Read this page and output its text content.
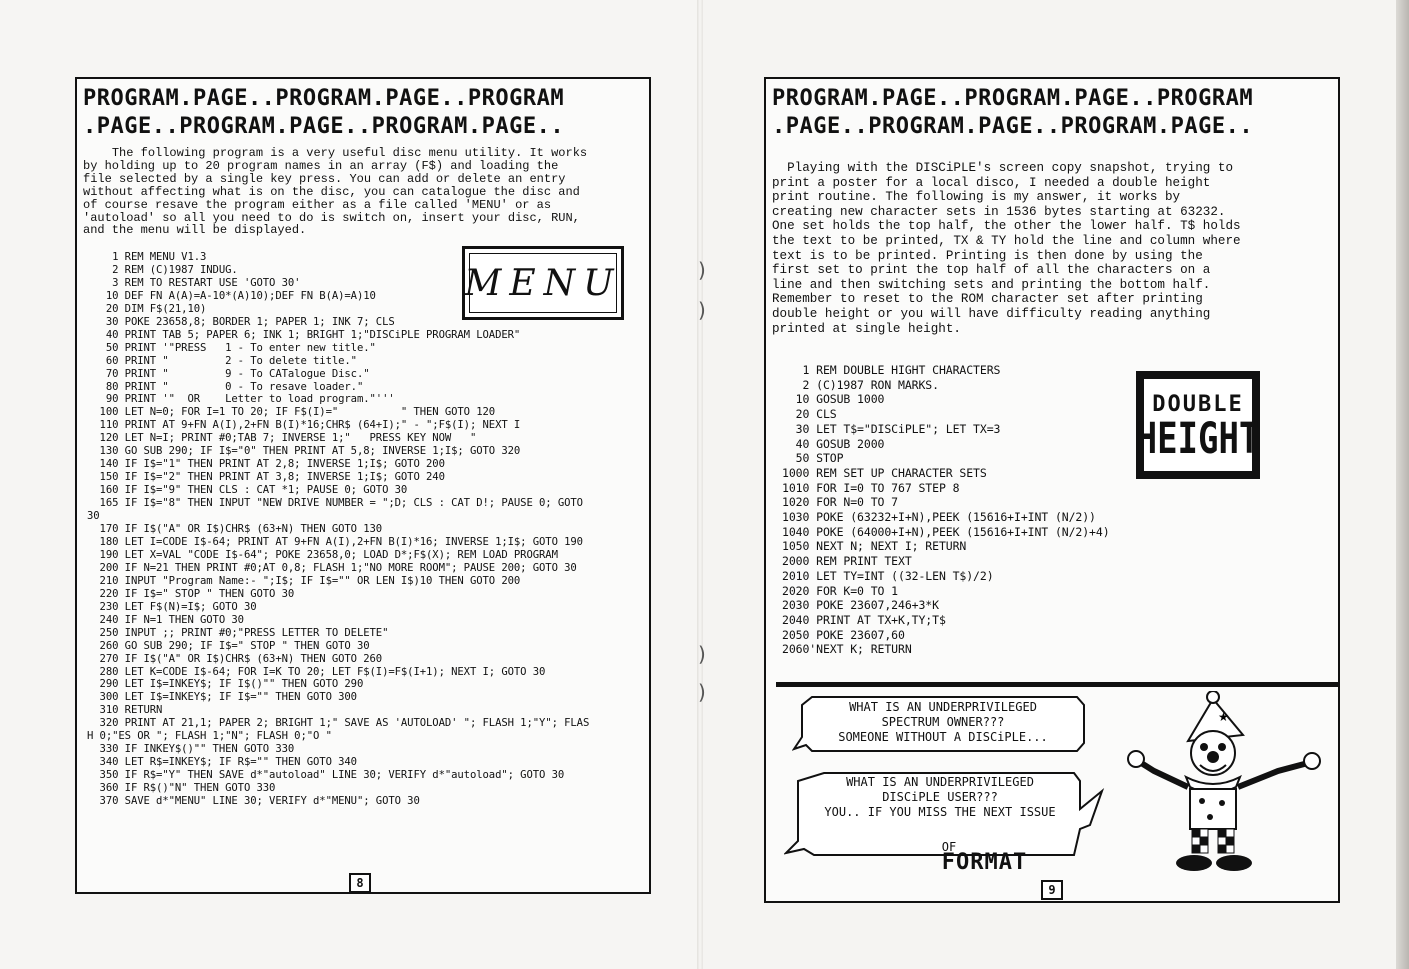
)
)
)
)
PROGRAM.PAGE..PROGRAM.PAGE..PROGRAM
.PAGE..PROGRAM.PAGE..PROGRAM.PAGE..
The following program is a very useful disc menu utility. It works
by holding up to 20 program names in an array (F$) and loading the
file selected by a single key press. You can add or delete an entry
without affecting what is on the disc, you can catalogue the disc and
of course resave the program either as a file called 'MENU' or as
'autoload' so all you need to do is switch on, insert your disc, RUN,
and the menu will be displayed.
MENU
1 REM MENU V1.3
2 REM (C)1987 INDUG.
3 REM TO RESTART USE 'GOTO 30'
10 DEF FN A(A)=A-10*(A)10);DEF FN B(A)=A)10
20 DIM F$(21,10)
30 POKE 23658,8; BORDER 1; PAPER 1; INK 7; CLS
40 PRINT TAB 5; PAPER 6; INK 1; BRIGHT 1;"DISCiPLE PROGRAM LOADER"
50 PRINT '"PRESS   1 - To enter new title."
60 PRINT "         2 - To delete title."
70 PRINT "         9 - To CATalogue Disc."
80 PRINT "         0 - To resave loader."
90 PRINT '"  OR    Letter to load program."'''
100 LET N=0; FOR I=1 TO 20; IF F$(I)="          " THEN GOTO 120
110 PRINT AT 9+FN A(I),2+FN B(I)*16;CHR$ (64+I);" - ";F$(I); NEXT I
120 LET N=I; PRINT #0;TAB 7; INVERSE 1;"   PRESS KEY NOW   "
130 GO SUB 290; IF I$="0" THEN PRINT AT 5,8; INVERSE 1;I$; GOTO 320
140 IF I$="1" THEN PRINT AT 2,8; INVERSE 1;I$; GOTO 200
150 IF I$="2" THEN PRINT AT 3,8; INVERSE 1;I$; GOTO 240
160 IF I$="9" THEN CLS : CAT *1; PAUSE 0; GOTO 30
165 IF I$="8" THEN INPUT "NEW DRIVE NUMBER = ";D; CLS : CAT D!; PAUSE 0; GOTO
30
170 IF I$("A" OR I$)CHR$ (63+N) THEN GOTO 130
180 LET I=CODE I$-64; PRINT AT 9+FN A(I),2+FN B(I)*16; INVERSE 1;I$; GOTO 190
190 LET X=VAL "CODE I$-64"; POKE 23658,0; LOAD D*;F$(X); REM LOAD PROGRAM
200 IF N=21 THEN PRINT #0;AT 0,8; FLASH 1;"NO MORE ROOM"; PAUSE 200; GOTO 30
210 INPUT "Program Name:- ";I$; IF I$="" OR LEN I$)10 THEN GOTO 200
220 IF I$=" STOP " THEN GOTO 30
230 LET F$(N)=I$; GOTO 30
240 IF N=1 THEN GOTO 30
250 INPUT ;; PRINT #0;"PRESS LETTER TO DELETE"
260 GO SUB 290; IF I$=" STOP " THEN GOTO 30
270 IF I$("A" OR I$)CHR$ (63+N) THEN GOTO 260
280 LET K=CODE I$-64; FOR I=K TO 20; LET F$(I)=F$(I+1); NEXT I; GOTO 30
290 LET I$=INKEY$; IF I$()"" THEN GOTO 290
300 LET I$=INKEY$; IF I$="" THEN GOTO 300
310 RETURN
320 PRINT AT 21,1; PAPER 2; BRIGHT 1;" SAVE AS 'AUTOLOAD' "; FLASH 1;"Y"; FLAS
H 0;"ES OR "; FLASH 1;"N"; FLASH 0;"O "
330 IF INKEY$()"" THEN GOTO 330
340 LET R$=INKEY$; IF R$="" THEN GOTO 340
350 IF R$="Y" THEN SAVE d*"autoload" LINE 30; VERIFY d*"autoload"; GOTO 30
360 IF R$()"N" THEN GOTO 330
370 SAVE d*"MENU" LINE 30; VERIFY d*"MENU"; GOTO 30
8
PROGRAM.PAGE..PROGRAM.PAGE..PROGRAM
.PAGE..PROGRAM.PAGE..PROGRAM.PAGE..
Playing with the DISCiPLE's screen copy snapshot, trying to
print a poster for a local disco, I needed a double height
print routine. The following is my answer, it works by
creating new character sets in 1536 bytes starting at 63232.
One set holds the top half, the other the lower half. T$ holds
the text to be printed, TX & TY hold the line and column where
text is to be printed. Printing is then done by using the
first set to print the top half of all the characters on a
line and then switching sets and printing the bottom half.
Remember to reset to the ROM character set after printing
double height or you will have difficulty reading anything
printed at single height.
DOUBLE
HEIGHT
1 REM DOUBLE HIGHT CHARACTERS
2 (C)1987 RON MARKS.
10 GOSUB 1000
20 CLS
30 LET T$="DISCiPLE"; LET TX=3
40 GOSUB 2000
50 STOP
1000 REM SET UP CHARACTER SETS
1010 FOR I=0 TO 767 STEP 8
1020 FOR N=0 TO 7
1030 POKE (63232+I+N),PEEK (15616+I+INT (N/2))
1040 POKE (64000+I+N),PEEK (15616+I+INT (N/2)+4)
1050 NEXT N; NEXT I; RETURN
2000 REM PRINT TEXT
2010 LET TY=INT ((32-LEN T$)/2)
2020 FOR K=0 TO 1
2030 POKE 23607,246+3*K
2040 PRINT AT TX+K,TY;T$
2050 POKE 23607,60
2060'NEXT K; RETURN
WHAT IS AN UNDERPRIVILEGED
SPECTRUM OWNER???
SOMEONE WITHOUT A DISCiPLE...
WHAT IS AN UNDERPRIVILEGED
DISCiPLE USER???
YOU.. IF YOU MISS THE NEXT ISSUE

OF
FORMAT

★
9
